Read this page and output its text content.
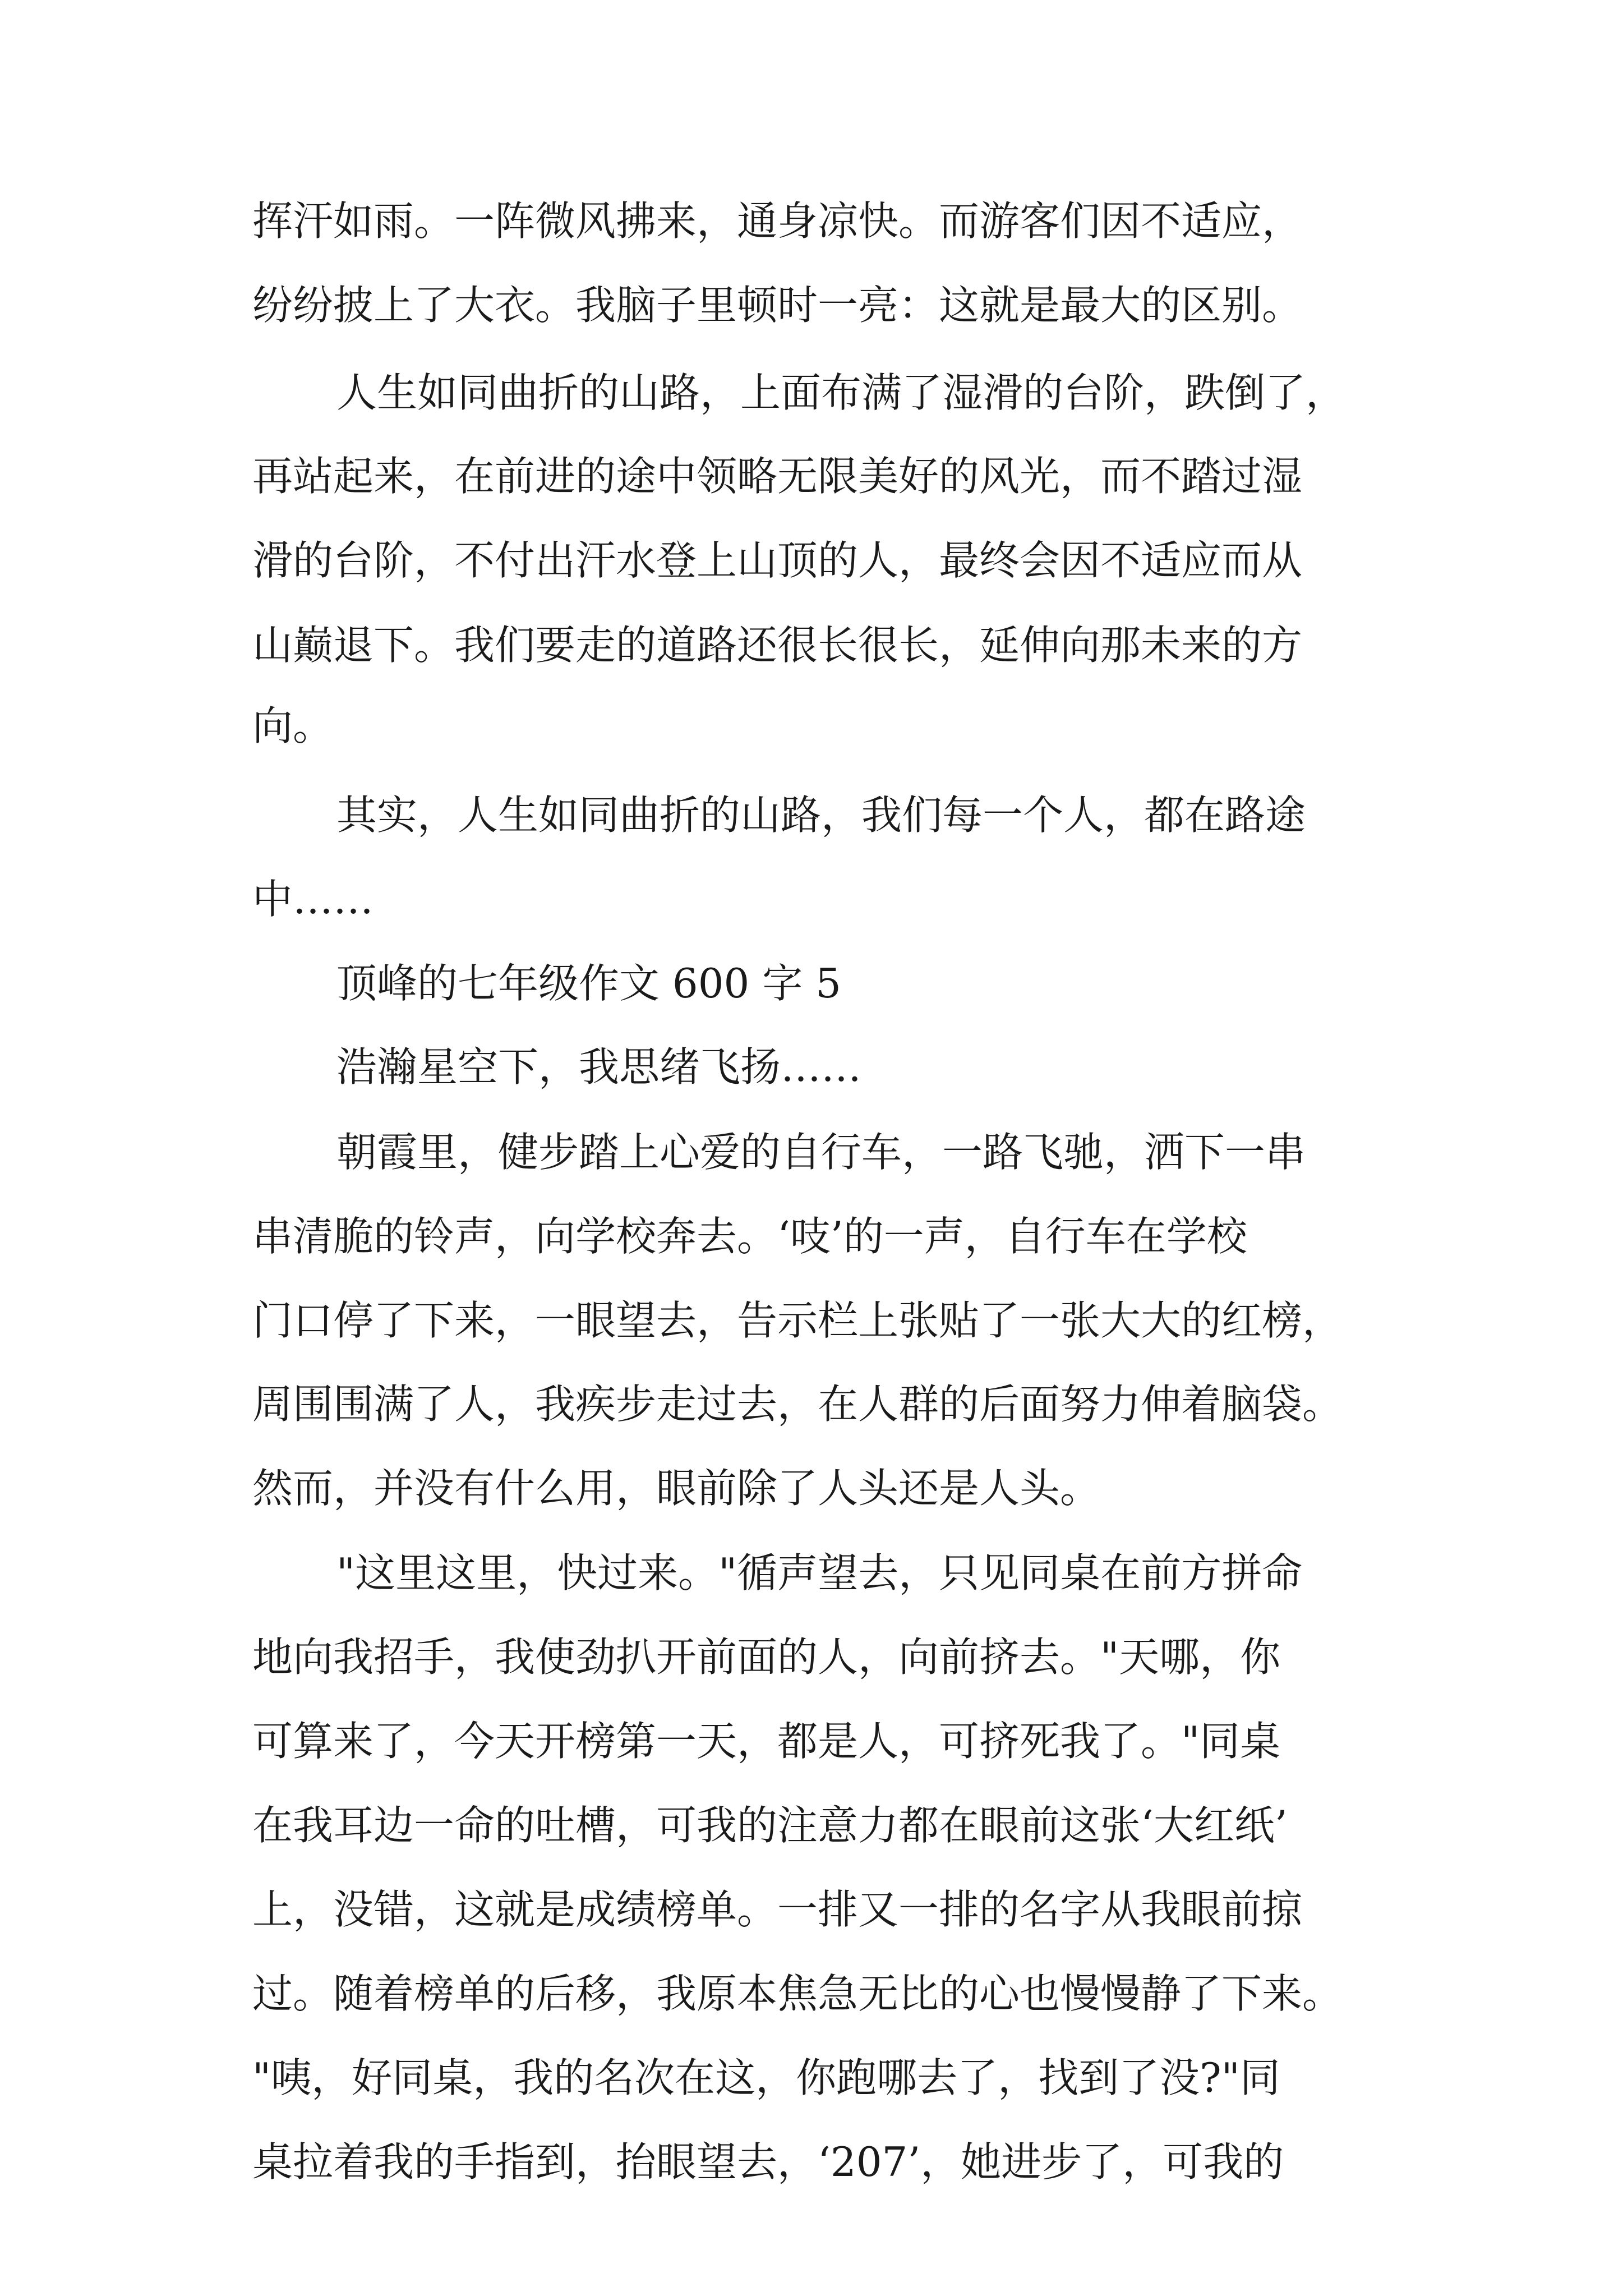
挥汗如雨。一阵微风拂来，通身凉快。而游客们因不适应，
纷纷披上了大衣。我脑子里顿时一亮：这就是最大的区别。
人生如同曲折的山路，上面布满了湿滑的台阶，跌倒了，
再站起来，在前进的途中领略无限美好的风光，而不踏过湿
滑的台阶，不付出汗水登上山顶的人，最终会因不适应而从
山巅退下。我们要走的道路还很长很长，延伸向那未来的方
向。
其实，人生如同曲折的山路，我们每一个人，都在路途
中……
顶峰的七年级作文 600 字 5
浩瀚星空下，我思绪飞扬……
朝霞里，健步踏上心爱的自行车，一路飞驰，洒下一串
串清脆的铃声，向学校奔去。‘吱’的一声，自行车在学校
门口停了下来，一眼望去，告示栏上张贴了一张大大的红榜，
周围围满了人，我疾步走过去，在人群的后面努力伸着脑袋。
然而，并没有什么用，眼前除了人头还是人头。
"这里这里，快过来。"循声望去，只见同桌在前方拼命
地向我招手，我使劲扒开前面的人，向前挤去。"天哪，你
可算来了，今天开榜第一天，都是人，可挤死我了。"同桌
在我耳边一命的吐槽，可我的注意力都在眼前这张‘大红纸’
上，没错，这就是成绩榜单。一排又一排的名字从我眼前掠
过。随着榜单的后移，我原本焦急无比的心也慢慢静了下来。
"咦，好同桌，我的名次在这，你跑哪去了，找到了没?"同
桌拉着我的手指到，抬眼望去，‘207’，她进步了，可我的
